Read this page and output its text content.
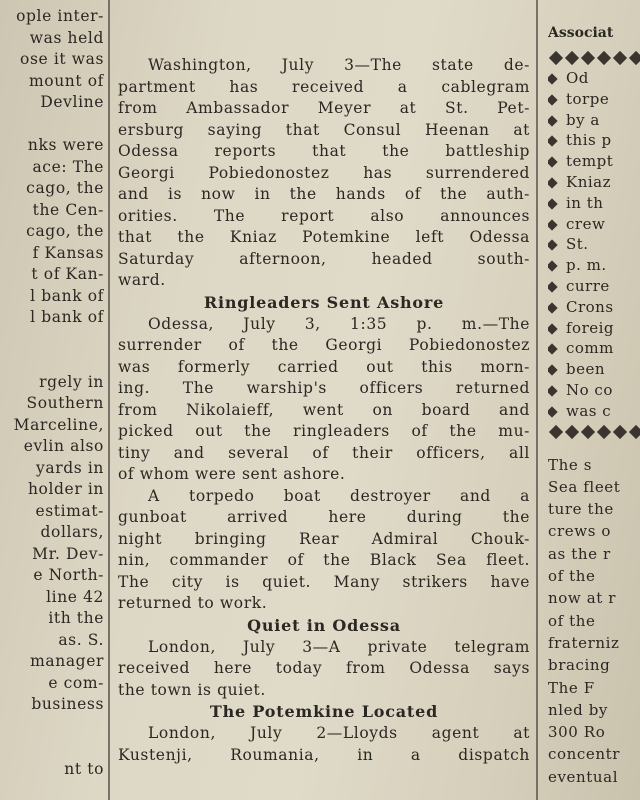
ople inter-
was held
ose it was
mount of
Devline
nks were
ace: The
cago, the
the Cen-
cago, the
f Kansas
t of Kan-
l bank of
l bank of
rgely in
Southern
Marceline,
evlin also
yards in
holder in
estimat-
dollars,
Mr. Dev-
e North-
line 42
ith the
as. S.
manager
e com-
business
nt to
Washington, July 3—The state de-
partment has received a cablegram
from Ambassador Meyer at St. Pet-
ersburg saying that Consul Heenan at
Odessa reports that the battleship
Georgi Pobiedonostez has surrendered
and is now in the hands of the auth-
orities. The report also announces
that the Kniaz Potemkine left Odessa
Saturday afternoon, headed south-
ward.
Ringleaders Sent Ashore
Odessa, July 3, 1:35 p. m.—The
surrender of the Georgi Pobiedonostez
was formerly carried out this morn-
ing. The warship's officers returned
from Nikolaieff, went on board and
picked out the ringleaders of the mu-
tiny and several of their officers, all
of whom were sent ashore.
A torpedo boat destroyer and a
gunboat arrived here during the
night bringing Rear Admiral Chouk-
nin, commander of the Black Sea fleet.
The city is quiet. Many strikers have
returned to work.
Quiet in Odessa
London, July 3—A private telegram
received here today from Odessa says
the town is quiet.
The Potemkine Located
London, July 2—Lloyds agent at
Kustenji, Roumania, in a dispatch
Associat
Od
torpe
by a
this p
tempt
Kniaz
in th
crew
St.
p. m.
curre
Crons
foreig
comm
been
No co
was c
The s
Sea fleet
ture the
crews o
as the r
of the
now at r
of the
fraterniz
bracing
The F
nled by
300 Ro
concentr
eventual
